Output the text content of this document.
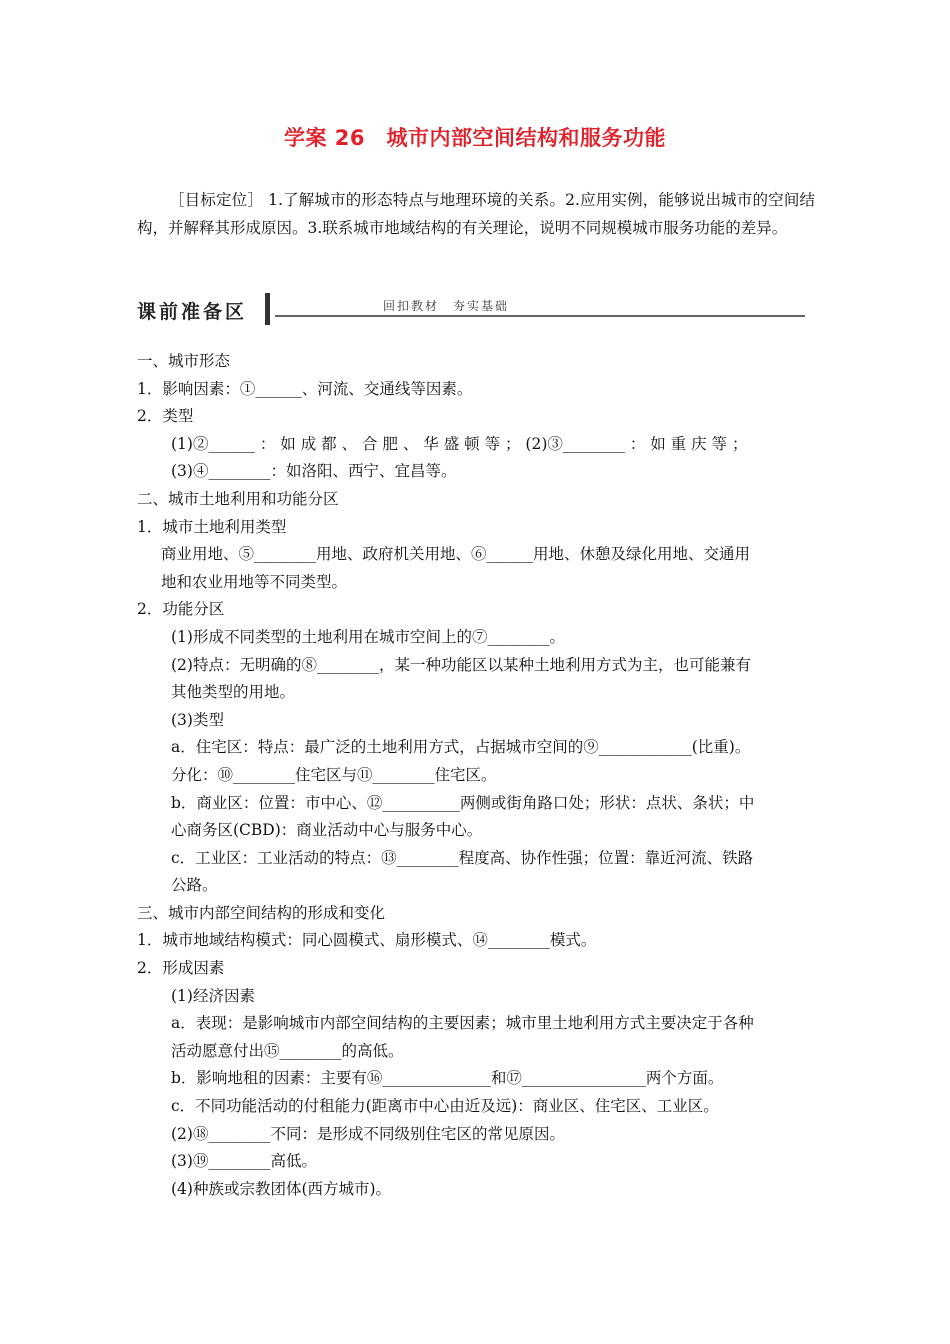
学案 26　城市内部空间结构和服务功能
［目标定位］ 1.了解城市的形态特点与地理环境的关系。2.应用实例，能够说出城市的空间结构，并解释其形成原因。3.联系城市地域结构的有关理论，说明不同规模城市服务功能的差异。
课前准备区	回扣教材　夯实基础
一、城市形态
1．影响因素：①______、河流、交通线等因素。
2．类型
(1)②______ ： 如 成 都 、 合 肥 、 华 盛 顿 等 ； (2)③________ ： 如 重 庆 等 ；
(3)④________：如洛阳、西宁、宜昌等。
二、城市土地利用和功能分区
1．城市土地利用类型
商业用地、⑤________用地、政府机关用地、⑥______用地、休憩及绿化用地、交通用
地和农业用地等不同类型。
2．功能分区
(1)形成不同类型的土地利用在城市空间上的⑦________。
(2)特点：无明确的⑧________，某一种功能区以某种土地利用方式为主，也可能兼有
其他类型的用地。
(3)类型
a．住宅区：特点：最广泛的土地利用方式，占据城市空间的⑨____________(比重)。
分化：⑩________住宅区与⑪________住宅区。
b．商业区：位置：市中心、⑫__________两侧或街角路口处；形状：点状、条状；中
心商务区(CBD)：商业活动中心与服务中心。
c．工业区：工业活动的特点：⑬________程度高、协作性强；位置：靠近河流、铁路
公路。
三、城市内部空间结构的形成和变化
1．城市地域结构模式：同心圆模式、扇形模式、⑭________模式。
2．形成因素
(1)经济因素
a．表现：是影响城市内部空间结构的主要因素；城市里土地利用方式主要决定于各种
活动愿意付出⑮________的高低。
b．影响地租的因素：主要有⑯______________和⑰________________两个方面。
c．不同功能活动的付租能力(距离市中心由近及远)：商业区、住宅区、工业区。
(2)⑱________不同：是形成不同级别住宅区的常见原因。
(3)⑲________高低。
(4)种族或宗教团体(西方城市)。
